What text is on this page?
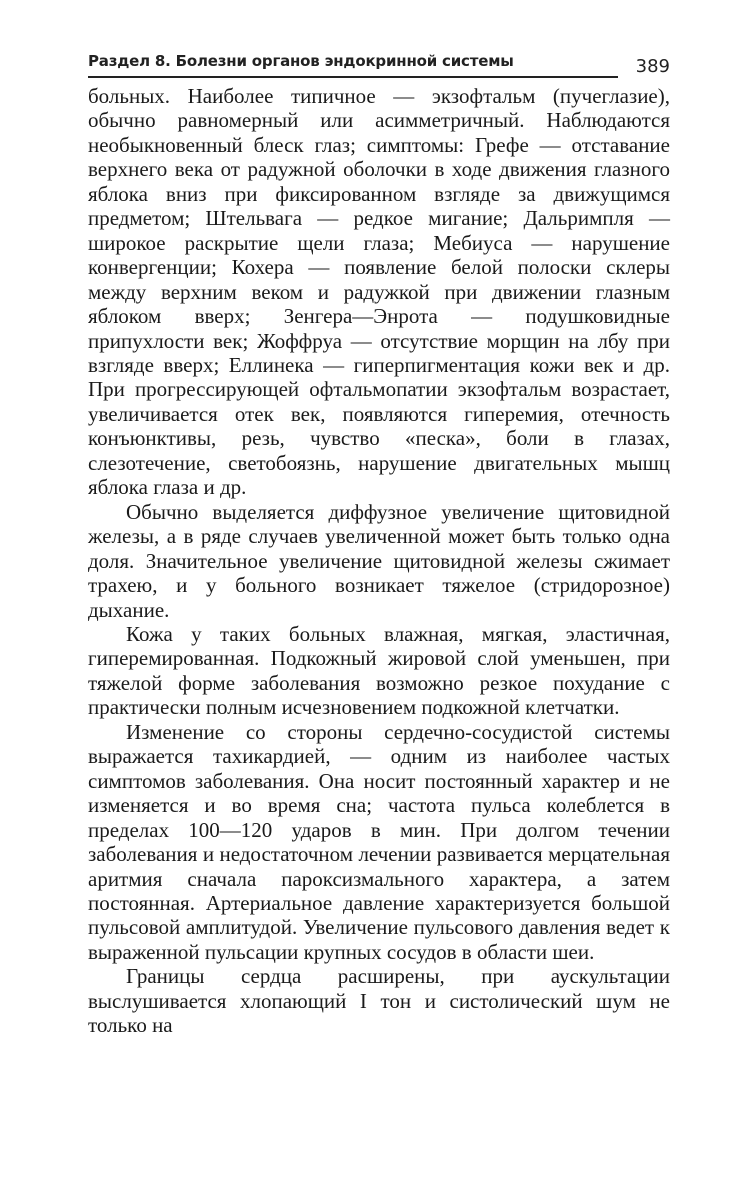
Раздел 8. Болезни органов эндокринной системы	389

больных. Наиболее типичное — экзофтальм (пучеглазие), обычно равномерный или асимметричный. Наблюдаются необыкновенный блеск глаз; симптомы: Грефе — отставание верхнего века от радужной оболочки в ходе движения глазного яблока вниз при фиксированном взгляде за движущимся предметом; Штельвага — редкое мигание; Дальримпля — широкое раскрытие щели глаза; Мебиуса — нарушение конвергенции; Кохера — появление белой полоски склеры между верхним веком и радужкой при движении глазным яблоком вверх; Зенгера—Энрота — подушковидные припухлости век; Жоффруа — отсутствие морщин на лбу при взгляде вверх; Еллинека — гиперпигментация кожи век и др. При прогрессирующей офтальмопатии экзофтальм возрастает, увеличивается отек век, появляются гиперемия, отечность конъюнктивы, резь, чувство «песка», боли в глазах, слезотечение, светобоязнь, нарушение двигательных мышц яблока глаза и др.

Обычно выделяется диффузное увеличение щитовидной железы, а в ряде случаев увеличенной может быть только одна доля. Значительное увеличение щитовидной железы сжимает трахею, и у больного возникает тяжелое (стридорозное) дыхание.

Кожа у таких больных влажная, мягкая, эластичная, гиперемированная. Подкожный жировой слой уменьшен, при тяжелой форме заболевания возможно резкое похудание с практически полным исчезновением подкожной клетчатки.

Изменение со стороны сердечно-сосудистой системы выражается тахикардией, — одним из наиболее частых симптомов заболевания. Она носит постоянный характер и не изменяется и во время сна; частота пульса колеблется в пределах 100—120 ударов в мин. При долгом течении заболевания и недостаточном лечении развивается мерцательная аритмия сначала пароксизмального характера, а затем постоянная. Артериальное давление характеризуется большой пульсовой амплитудой. Увеличение пульсового давления ведет к выраженной пульсации крупных сосудов в области шеи.

Границы сердца расширены, при аускультации выслушивается хлопающий I тон и систолический шум не только на
